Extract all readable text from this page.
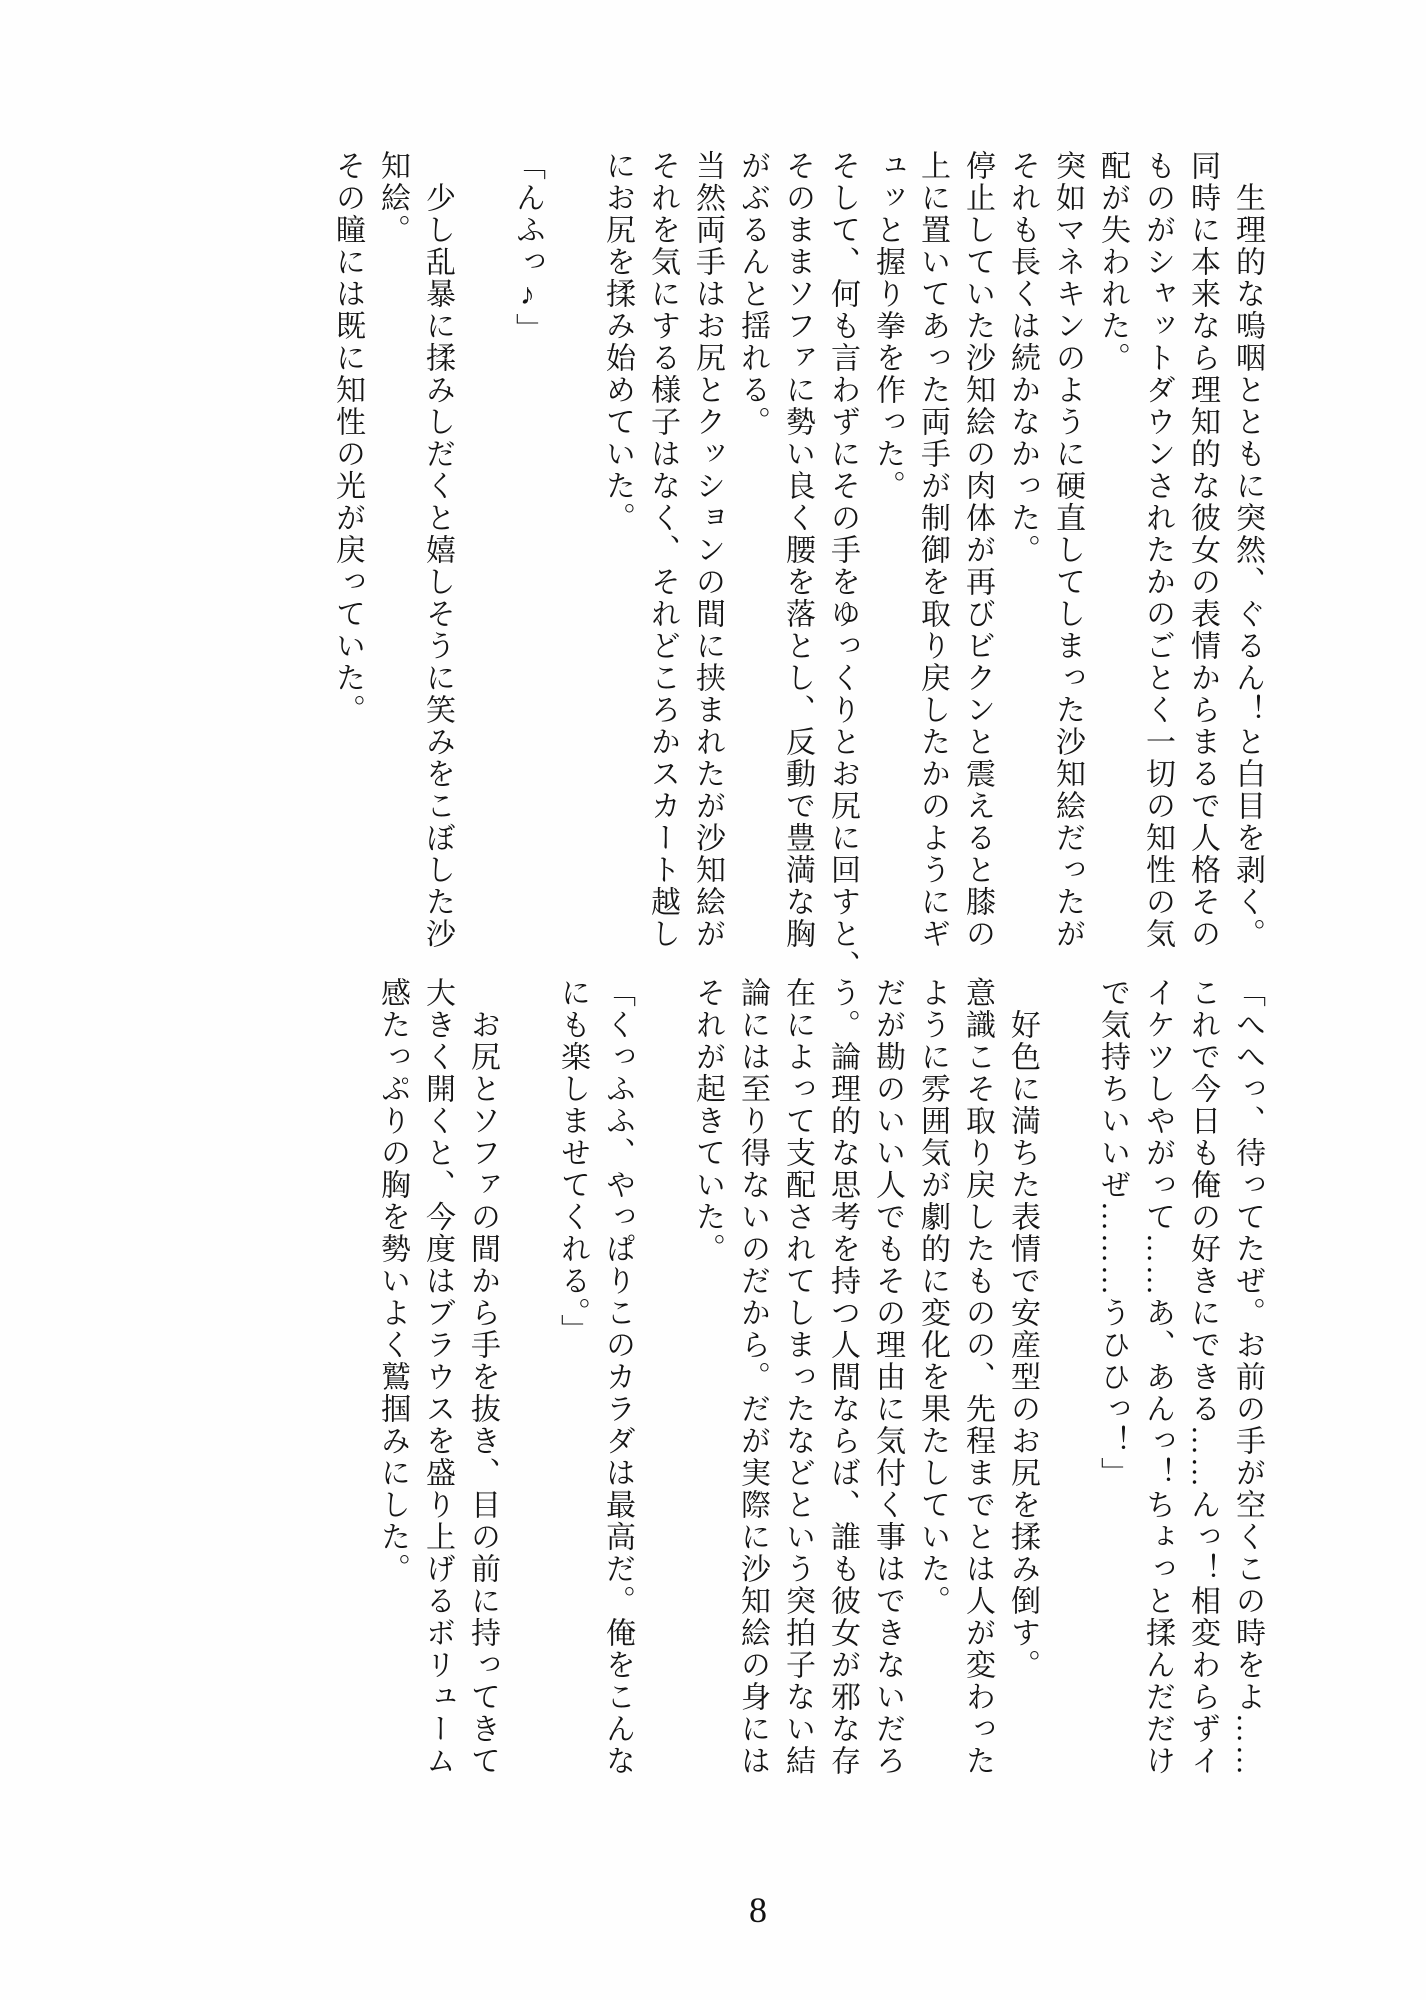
　生理的な嗚咽とともに突然、ぐるん！と白目を剥く。

同時に本来なら理知的な彼女の表情からまるで人格その

ものがシャットダウンされたかのごとく一切の知性の気

配が失われた。

突如マネキンのように硬直してしまった沙知絵だったが

それも長くは続かなかった。

停止していた沙知絵の肉体が再びビクンと震えると膝の

上に置いてあった両手が制御を取り戻したかのようにギ

ュッと握り拳を作った。

そして、何も言わずにその手をゆっくりとお尻に回すと、

そのままソファに勢い良く腰を落とし、反動で豊満な胸

がぶるんと揺れる。

当然両手はお尻とクッションの間に挟まれたが沙知絵が

それを気にする様子はなく、それどころかスカート越し

にお尻を揉み始めていた。

「んふっ♪」

　少し乱暴に揉みしだくと嬉しそうに笑みをこぼした沙

知絵。

その瞳には既に知性の光が戻っていた。

「へへっ、待ってたぜ。お前の手が空くこの時をよ……

これで今日も俺の好きにできる……んっ！相変わらずイ

イケツしやがって……あ、あんっ！ちょっと揉んだだけ

で気持ちいいぜ………うひひっ！」

　好色に満ちた表情で安産型のお尻を揉み倒す。

意識こそ取り戻したものの、先程までとは人が変わった

ように雰囲気が劇的に変化を果たしていた。

だが勘のいい人でもその理由に気付く事はできないだろ

う。論理的な思考を持つ人間ならば、誰も彼女が邪な存

在によって支配されてしまったなどという突拍子ない結

論には至り得ないのだから。だが実際に沙知絵の身には

それが起きていた。

「くっふふ、やっぱりこのカラダは最高だ。俺をこんな

にも楽しませてくれる。」

　お尻とソファの間から手を抜き、目の前に持ってきて

大きく開くと、今度はブラウスを盛り上げるボリューム

感たっぷりの胸を勢いよく鷲掴みにした。

8
